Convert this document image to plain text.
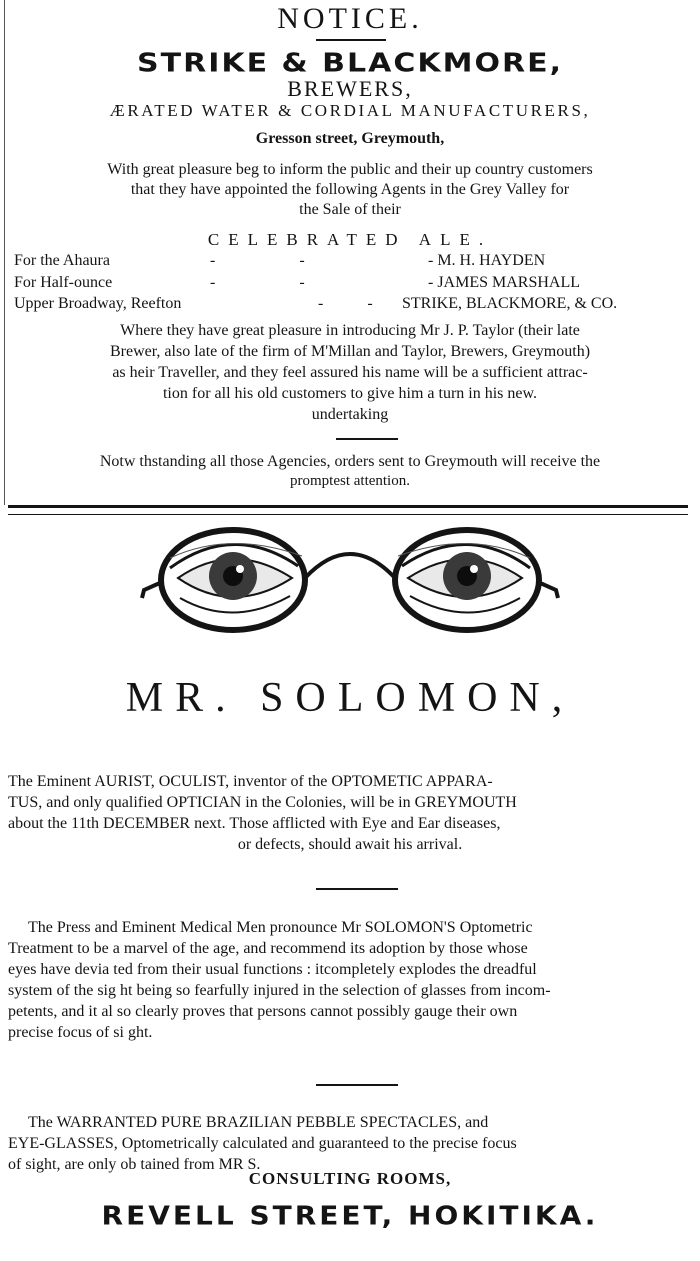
NOTICE.
STRIKE & BLACKMORE,
BREWERS,
ÆRATED WATER & CORDIAL MANUFACTURERS,
Gresson street, Greymouth,
With great pleasure beg to inform the public and their up country customers
that they have appointed the following Agents in the Grey Valley for
the Sale of their
CELEBRATED ALE.
For the Ahaura	- -	- M. H. HAYDEN
For Half-ounce	- -	- JAMES MARSHALL
Upper Broadway, Reefton	- - STRIKE, BLACKMORE, & CO.
Where they have great pleasure in introducing Mr J. P. Taylor (their late
Brewer, also late of the firm of M'Millan and Taylor, Brewers, Greymouth)
as heir Traveller, and they feel assured his name will be a sufficient attrac-
tion for all his old customers to give him a turn in his new.
undertaking
Notw thstanding all those Agencies, orders sent to Greymouth will receive the
promptest attention.
MR. SOLOMON,
The Eminent AURIST, OCULIST, inventor of the OPTOMETIC APPARA-
TUS, and only qualified OPTICIAN in the Colonies, will be in GREYMOUTH
about the 11th DECEMBER next. Those afflicted with Eye and Ear diseases,
or defects, should await his arrival.
The Press and Eminent Medical Men pronounce Mr SOLOMON'S Optometric
Treatment to be a marvel of the age, and recommend its adoption by those whose
eyes have devia ted from their usual functions : itcompletely explodes the dreadful
system of the sig ht being so fearfully injured in the selection of glasses from incom-
petents, and it al so clearly proves that persons cannot possibly gauge their own
precise focus of si ght.
The WARRANTED PURE BRAZILIAN PEBBLE SPECTACLES, and
EYE-GLASSES, Optometrically calculated and guaranteed to the precise focus
of sight, are only ob tained from MR S.
CONSULTING ROOMS,
REVELL STREET, HOKITIKA.
